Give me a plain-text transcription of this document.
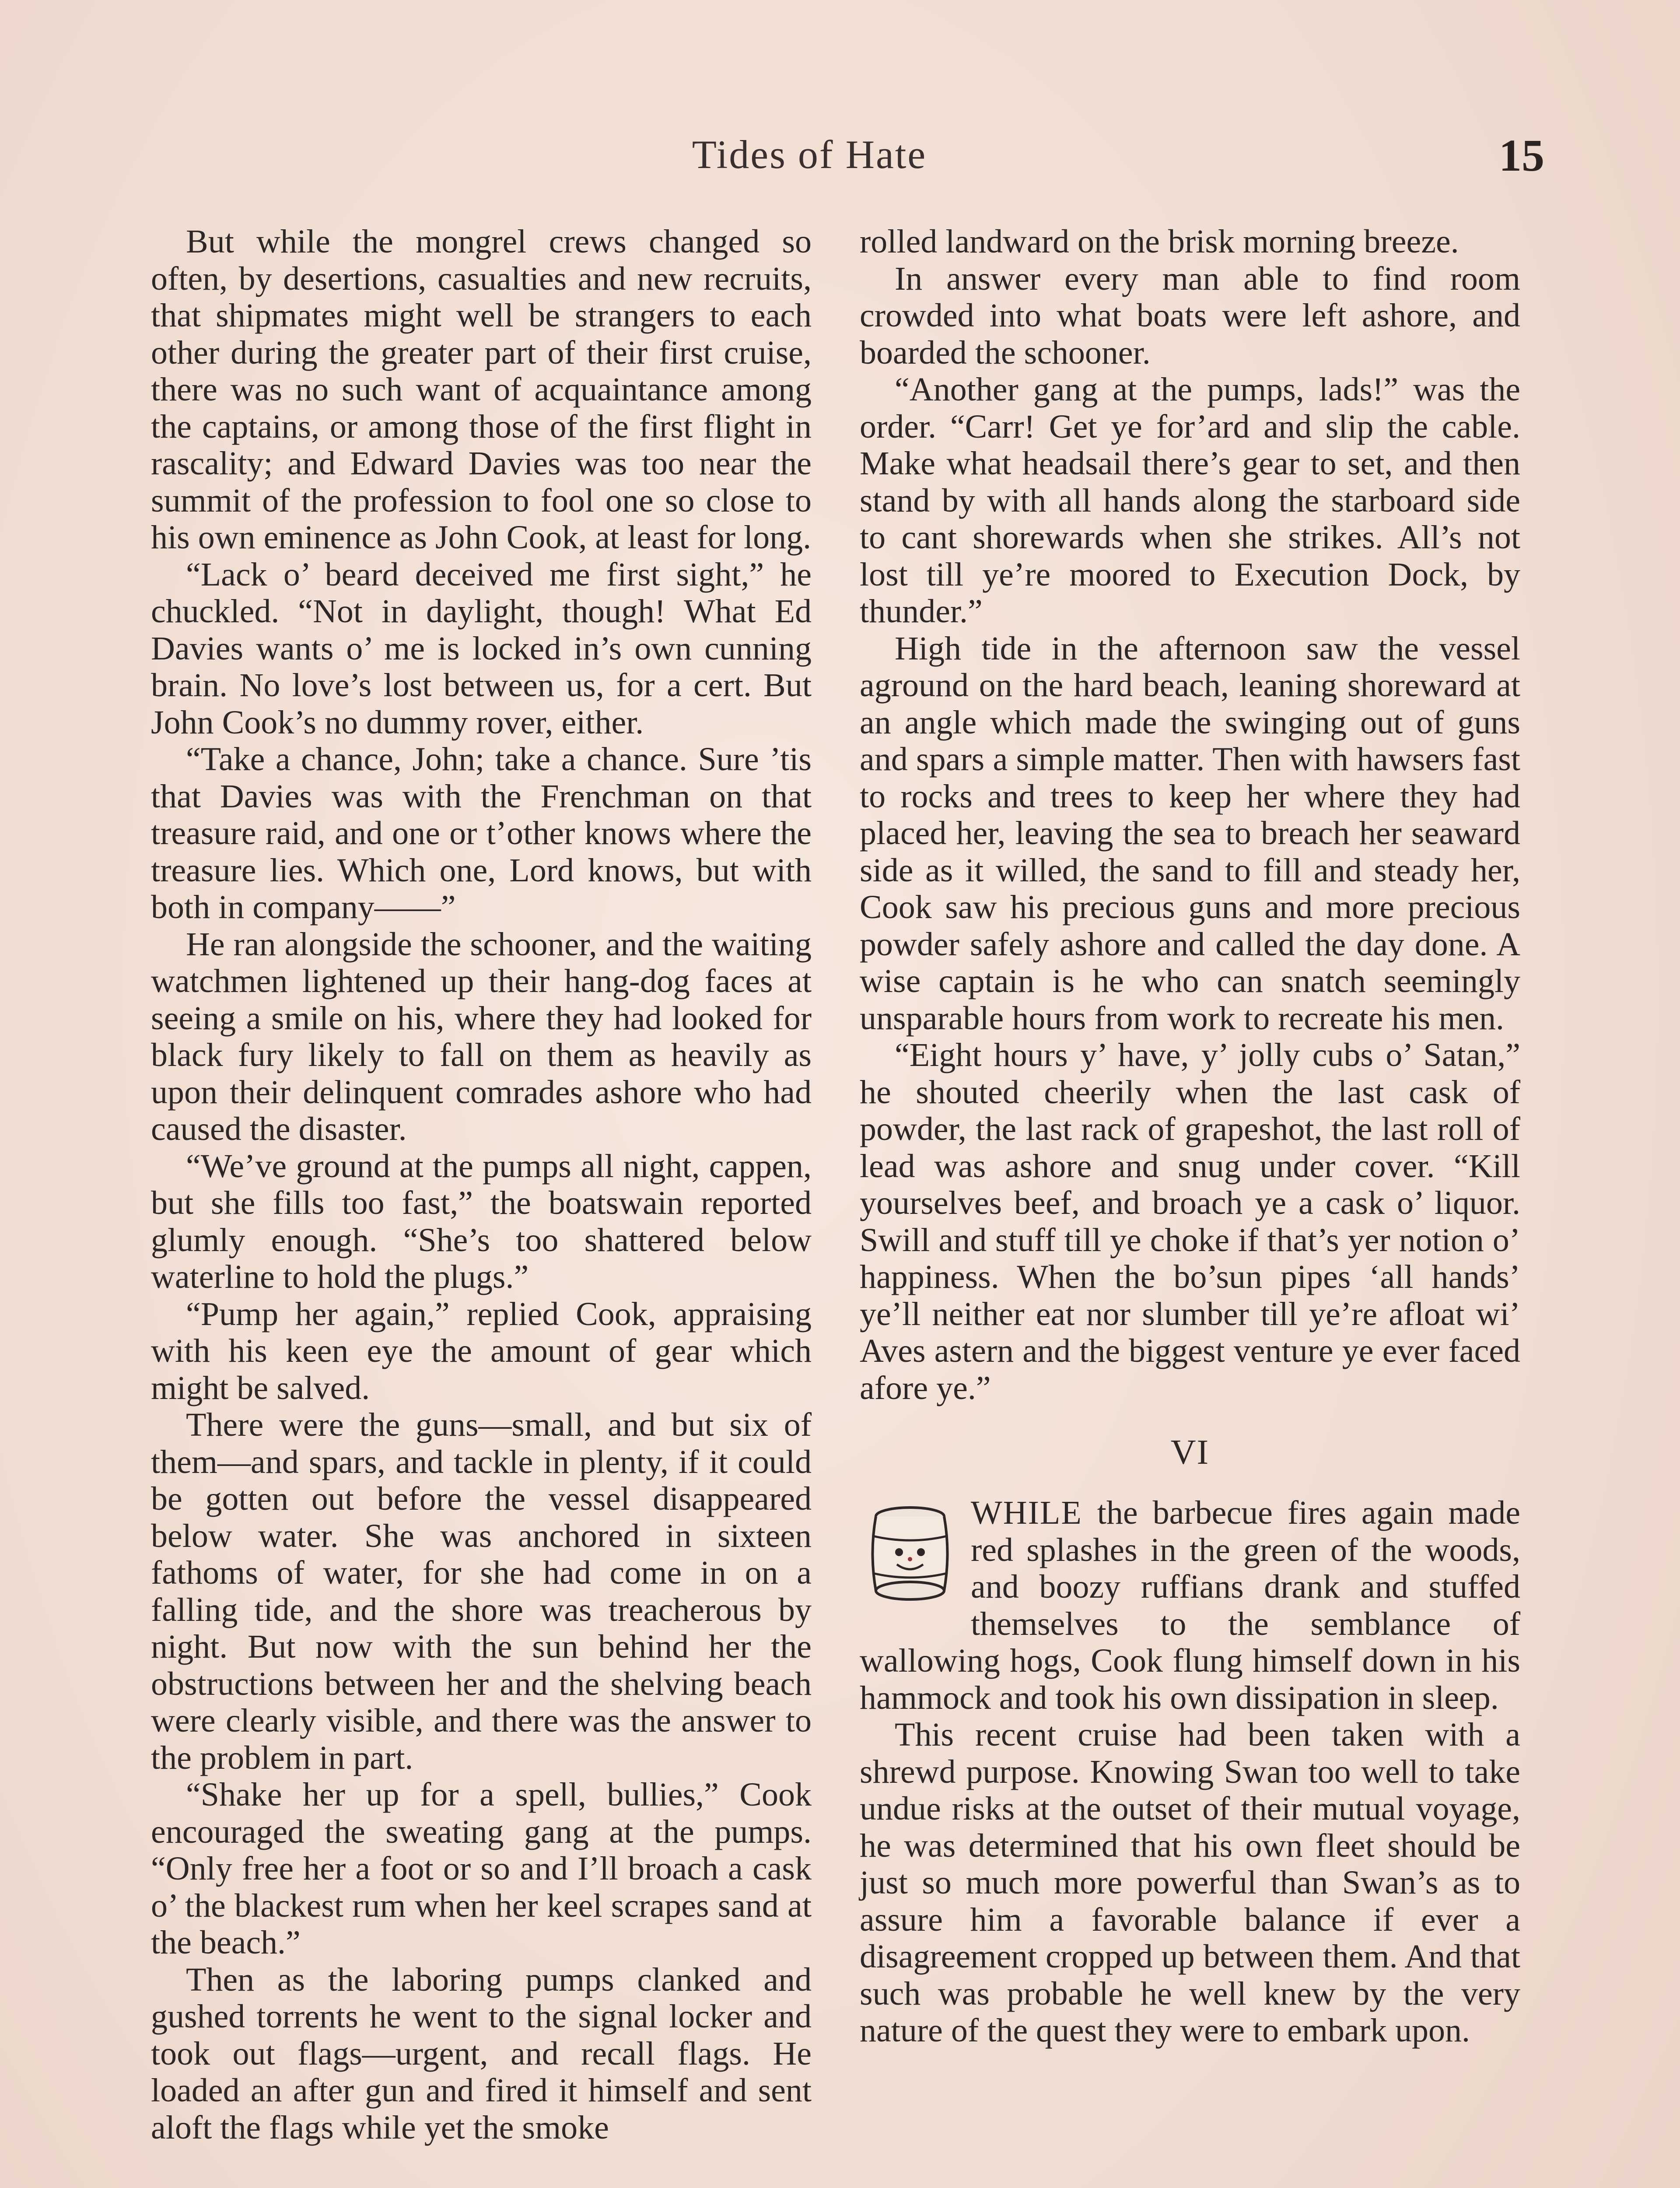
Tides of Hate	15

But while the mongrel crews changed so often, by desertions, casualties and new recruits, that shipmates might well be strangers to each other during the greater part of their first cruise, there was no such want of acquaintance among the captains, or among those of the first flight in rascality; and Edward Davies was too near the summit of the profession to fool one so close to his own eminence as John Cook, at least for long.

“Lack o’ beard deceived me first sight,” he chuckled. “Not in daylight, though! What Ed Davies wants o’ me is locked in’s own cunning brain. No love’s lost between us, for a cert. But John Cook’s no dummy rover, either.

“Take a chance, John; take a chance. Sure ’tis that Davies was with the Frenchman on that treasure raid, and one or t’other knows where the treasure lies. Which one, Lord knows, but with both in company——”

He ran alongside the schooner, and the waiting watchmen lightened up their hang-dog faces at seeing a smile on his, where they had looked for black fury likely to fall on them as heavily as upon their delinquent comrades ashore who had caused the disaster.

“We’ve ground at the pumps all night, cappen, but she fills too fast,” the boatswain reported glumly enough. “She’s too shattered below waterline to hold the plugs.”

“Pump her again,” replied Cook, appraising with his keen eye the amount of gear which might be salved.

There were the guns—small, and but six of them—and spars, and tackle in plenty, if it could be gotten out before the vessel disappeared below water. She was anchored in sixteen fathoms of water, for she had come in on a falling tide, and the shore was treacherous by night. But now with the sun behind her the obstructions between her and the shelving beach were clearly visible, and there was the answer to the problem in part.

“Shake her up for a spell, bullies,” Cook encouraged the sweating gang at the pumps. “Only free her a foot or so and I’ll broach a cask o’ the blackest rum when her keel scrapes sand at the beach.”

Then as the laboring pumps clanked and gushed torrents he went to the signal locker and took out flags—urgent, and recall flags. He loaded an after gun and fired it himself and sent aloft the flags while yet the smoke

rolled landward on the brisk morning breeze.

In answer every man able to find room crowded into what boats were left ashore, and boarded the schooner.

“Another gang at the pumps, lads!” was the order. “Carr! Get ye for’ard and slip the cable. Make what headsail there’s gear to set, and then stand by with all hands along the starboard side to cant shorewards when she strikes. All’s not lost till ye’re moored to Execution Dock, by thunder.”

High tide in the afternoon saw the vessel aground on the hard beach, leaning shoreward at an angle which made the swinging out of guns and spars a simple matter. Then with hawsers fast to rocks and trees to keep her where they had placed her, leaving the sea to breach her seaward side as it willed, the sand to fill and steady her, Cook saw his precious guns and more precious powder safely ashore and called the day done. A wise captain is he who can snatch seemingly unsparable hours from work to recreate his men.

“Eight hours y’ have, y’ jolly cubs o’ Satan,” he shouted cheerily when the last cask of powder, the last rack of grapeshot, the last roll of lead was ashore and snug under cover. “Kill yourselves beef, and broach ye a cask o’ liquor. Swill and stuff till ye choke if that’s yer notion o’ happiness. When the bo’sun pipes ‘all hands’ ye’ll neither eat nor slumber till ye’re afloat wi’ Aves astern and the biggest venture ye ever faced afore ye.”

VI

WHILE the barbecue fires again made red splashes in the green of the woods, and boozy ruffians drank and stuffed themselves to the semblance of wallowing hogs, Cook flung himself down in his hammock and took his own dissipation in sleep.

This recent cruise had been taken with a shrewd purpose. Knowing Swan too well to take undue risks at the outset of their mutual voyage, he was determined that his own fleet should be just so much more powerful than Swan’s as to assure him a favorable balance if ever a disagreement cropped up between them. And that such was probable he well knew by the very nature of the quest they were to embark upon.
